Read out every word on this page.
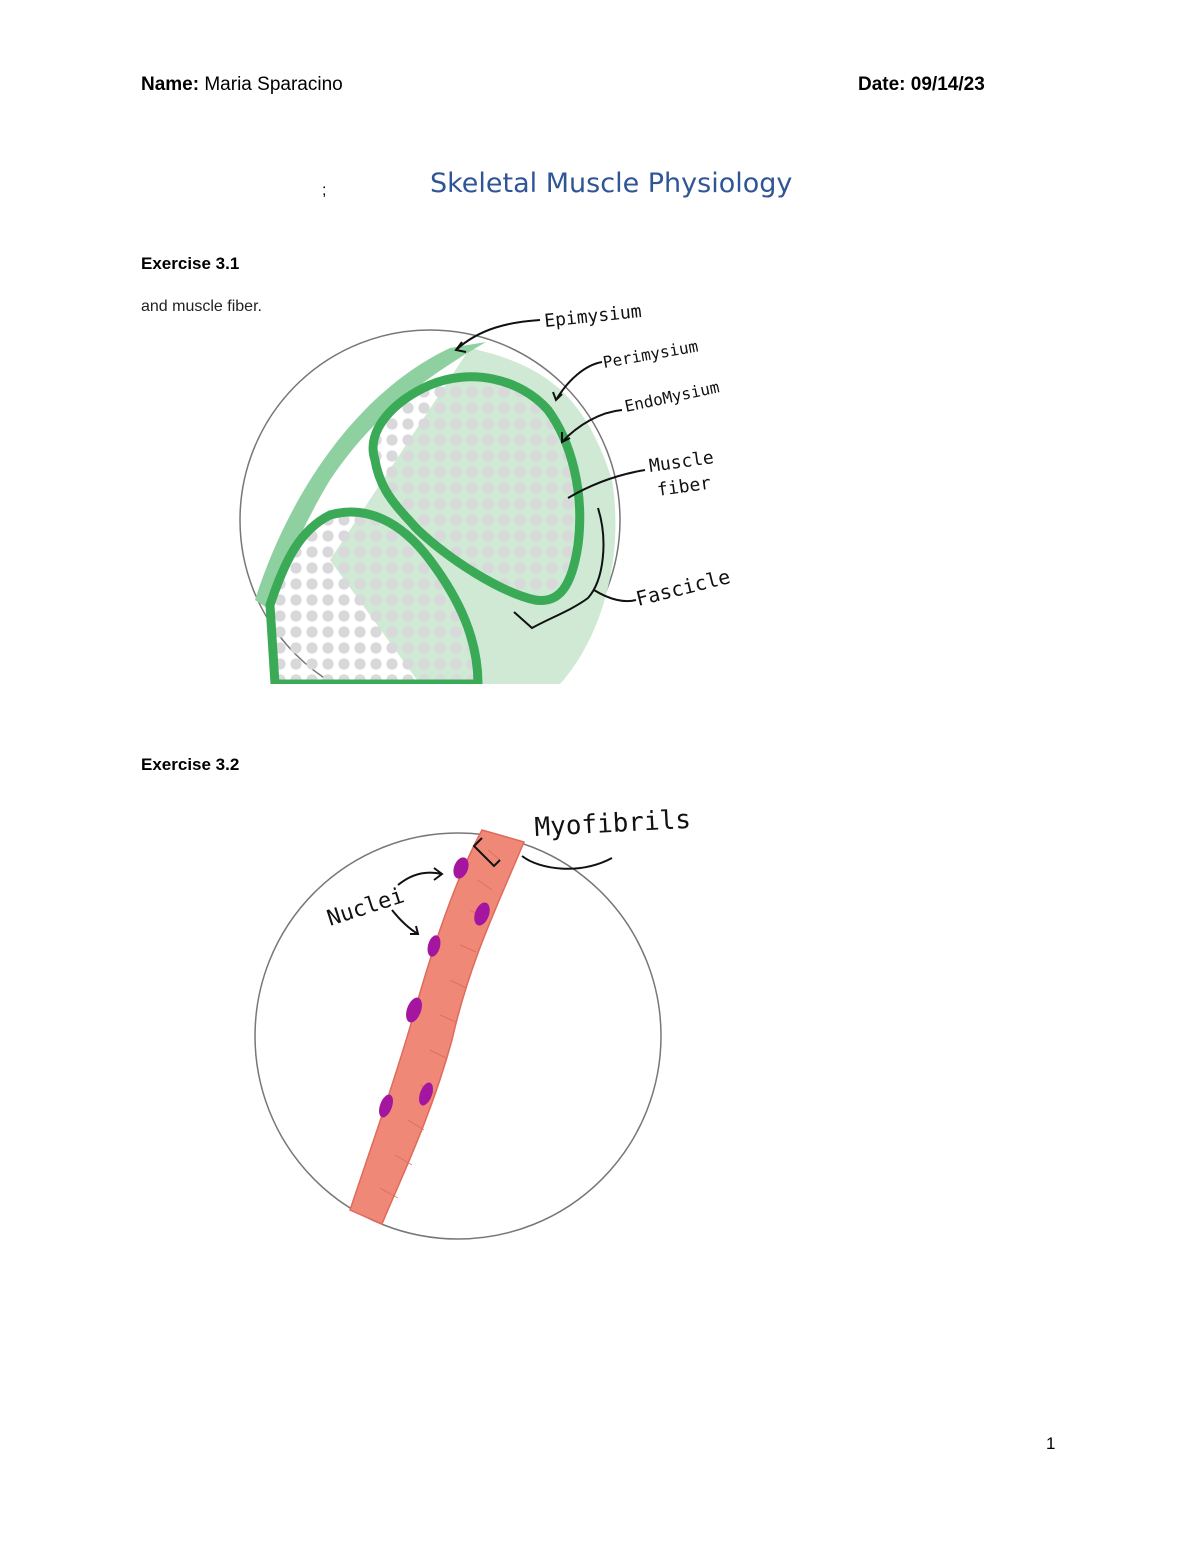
Name: Maria Sparacino	Date: 09/14/23
;	Skeletal Muscle Physiology
Exercise 3.1
and muscle fiber.
Exercise 3.2
Epimysium
Perimysium
EndoMysium
Muscle
fiber
Fascicle
Myofibrils
Nuclei
1
